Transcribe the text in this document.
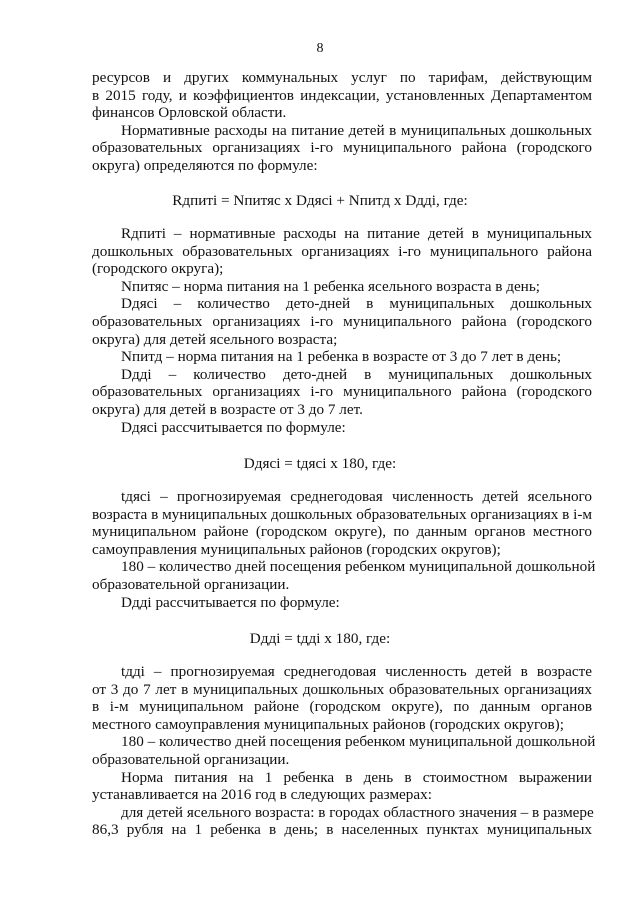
8
ресурсов и других коммунальных услуг по тарифам, действующим
в 2015 году, и коэффициентов индексации, установленных Департаментом
финансов Орловской области.
Нормативные расходы на питание детей в муниципальных дошкольных
образовательных организациях i-го муниципального района (городского
округа) определяются по формуле:
Rдпиті = Nпитяс x Dдясі + Nпитд x Dдді, где:
Rдпиті – нормативные расходы на питание детей в муниципальных
дошкольных образовательных организациях i-го муниципального района
(городского округа);
Nпитяс – норма питания на 1 ребенка ясельного возраста в день;
Dдясі – количество дето-дней в муниципальных дошкольных
образовательных организациях i-го муниципального района (городского
округа) для детей ясельного возраста;
Nпитд – норма питания на 1 ребенка в возрасте от 3 до 7 лет в день;
Dдді – количество дето-дней в муниципальных дошкольных
образовательных организациях i-го муниципального района (городского
округа) для детей в возрасте от 3 до 7 лет.
Dдясі рассчитывается по формуле:
Dдясі = tдясі x 180, где:
tдясі – прогнозируемая среднегодовая численность детей ясельного
возраста в муниципальных дошкольных образовательных организациях в i-м
муниципальном районе (городском округе), по данным органов местного
самоуправления муниципальных районов (городских округов);
180 – количество дней посещения ребенком муниципальной дошкольной
образовательной организации.
Dдді рассчитывается по формуле:
Dдді = tдді x 180, где:
tдді – прогнозируемая среднегодовая численность детей в возрасте
от 3 до 7 лет в муниципальных дошкольных образовательных организациях
в i-м муниципальном районе (городском округе), по данным органов
местного самоуправления муниципальных районов (городских округов);
180 – количество дней посещения ребенком муниципальной дошкольной
образовательной организации.
Норма питания на 1 ребенка в день в стоимостном выражении
устанавливается на 2016 год в следующих размерах:
для детей ясельного возраста: в городах областного значения – в размере
86,3 рубля на 1 ребенка в день; в населенных пунктах муниципальных
